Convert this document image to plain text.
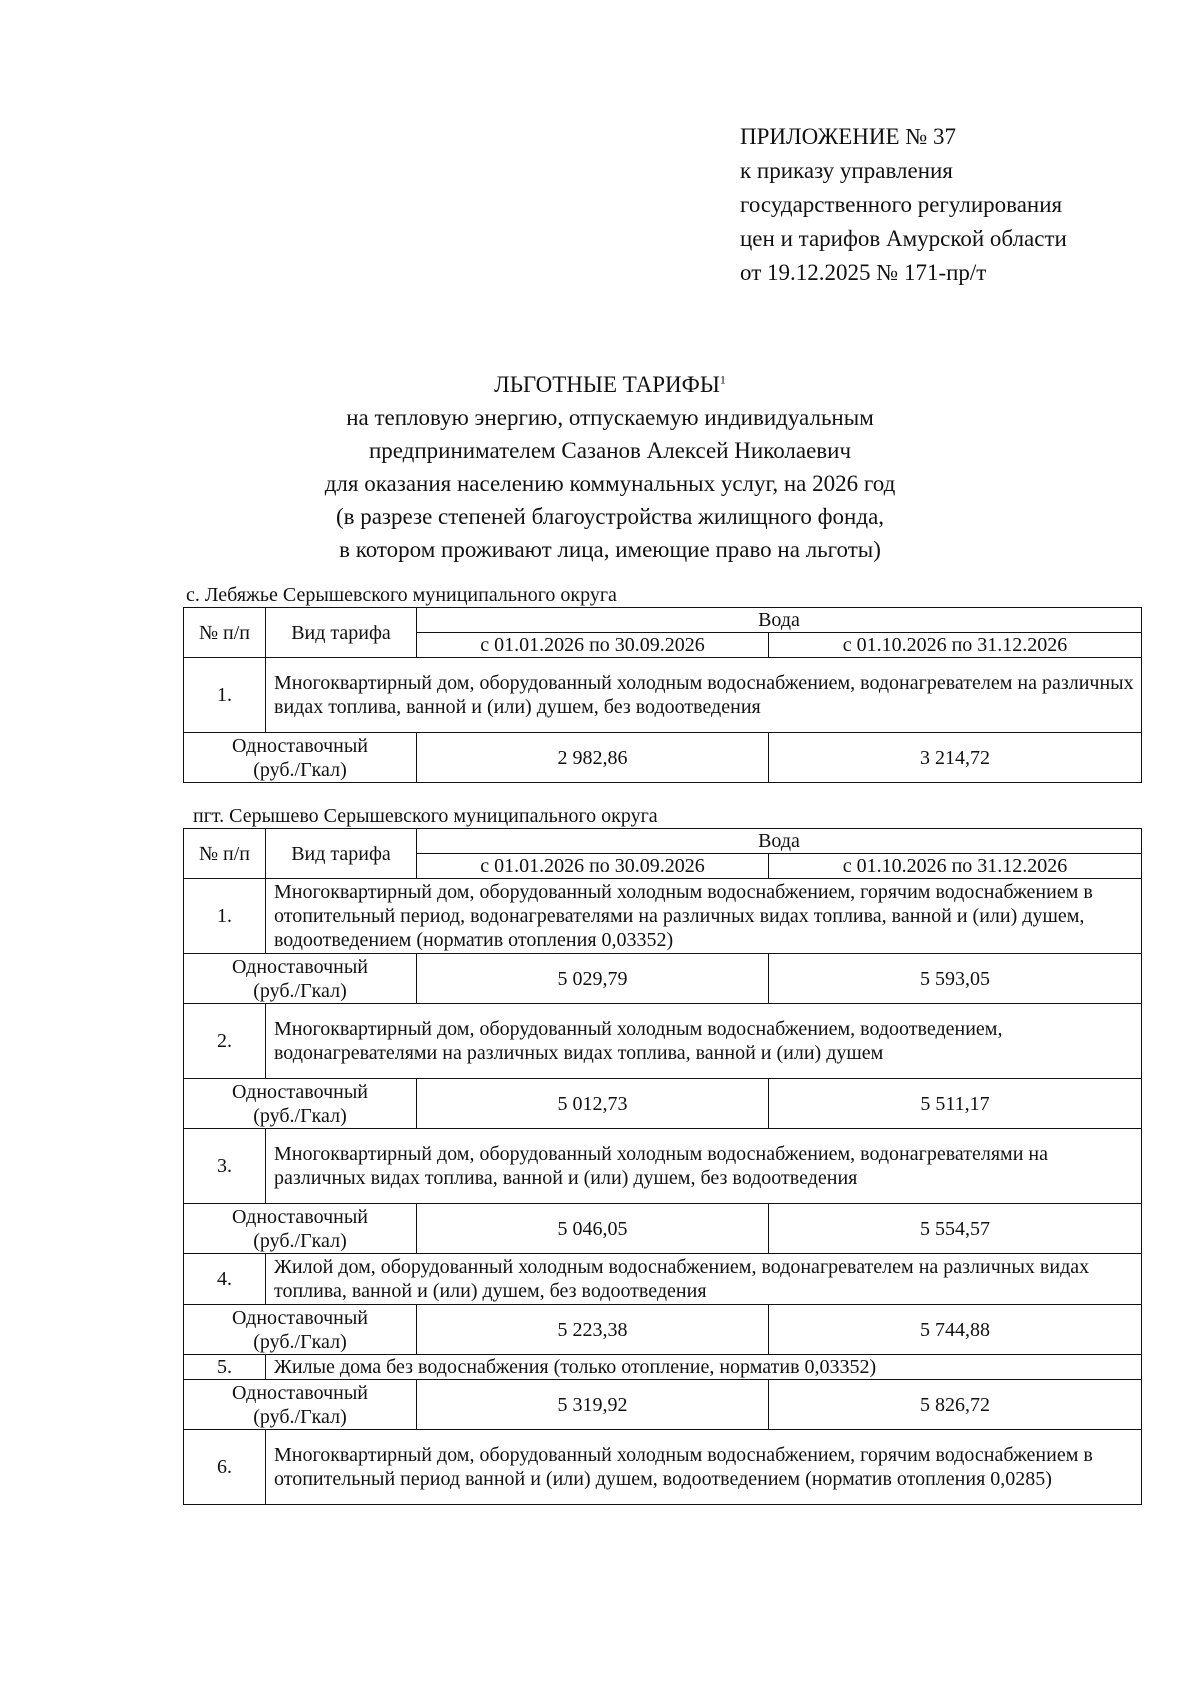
ПРИЛОЖЕНИЕ № 37
к приказу управления
государственного регулирования
цен и тарифов Амурской области
от 19.12.2025 № 171-пр/т
ЛЬГОТНЫЕ ТАРИФЫ$^1$
на тепловую энергию, отпускаемую индивидуальным
предпринимателем Сазанов Алексей Николаевич
для оказания населению коммунальных услуг, на 2026 год
(в разрезе степеней благоустройства жилищного фонда,
в котором проживают лица, имеющие право на льготы)
с. Лебяжье Серышевского муниципального округа
№ п/п	Вид тарифа	Вода	
		с 01.01.2026 по 30.09.2026	с 01.10.2026 по 31.12.2026
1.	Многоквартирный дом, оборудованный холодным водоснабжением, водонагревателем на различных видах топлива, ванной и (или) душем, без водоотведения		

Одноставочный
(руб./Гкал)		2 982,86	3 214,72
пгт. Серышево Серышевского муниципального округа
№ п/п	Вид тарифа	Вода	
		с 01.01.2026 по 30.09.2026	с 01.10.2026 по 31.12.2026
1.	Многоквартирный дом, оборудованный холодным водоснабжением, горячим водоснабжением в отопительный период, водонагревателями на различных видах топлива, ванной и (или) душем, водоотведением (норматив отопления 0,03352)		

Одноставочный
(руб./Гкал)		5 029,79	5 593,05
2.	Многоквартирный дом, оборудованный холодным водоснабжением, водоотведением, водонагревателями на различных видах топлива, ванной и (или) душем		

Одноставочный
(руб./Гкал)		5 012,73	5 511,17
3.	Многоквартирный дом, оборудованный холодным водоснабжением, водонагревателями на различных видах топлива, ванной и (или) душем, без водоотведения		

Одноставочный
(руб./Гкал)		5 046,05	5 554,57
4.	Жилой дом, оборудованный холодным водоснабжением, водонагревателем на различных видах топлива, ванной и (или) душем, без водоотведения		

Одноставочный
(руб./Гкал)		5 223,38	5 744,88
5.	Жилые дома без водоснабжения (только отопление, норматив 0,03352)		

Одноставочный
(руб./Гкал)		5 319,92	5 826,72
6.	Многоквартирный дом, оборудованный холодным водоснабжением, горячим водоснабжением в отопительный период ванной и (или) душем, водоотведением (норматив отопления 0,0285)		
